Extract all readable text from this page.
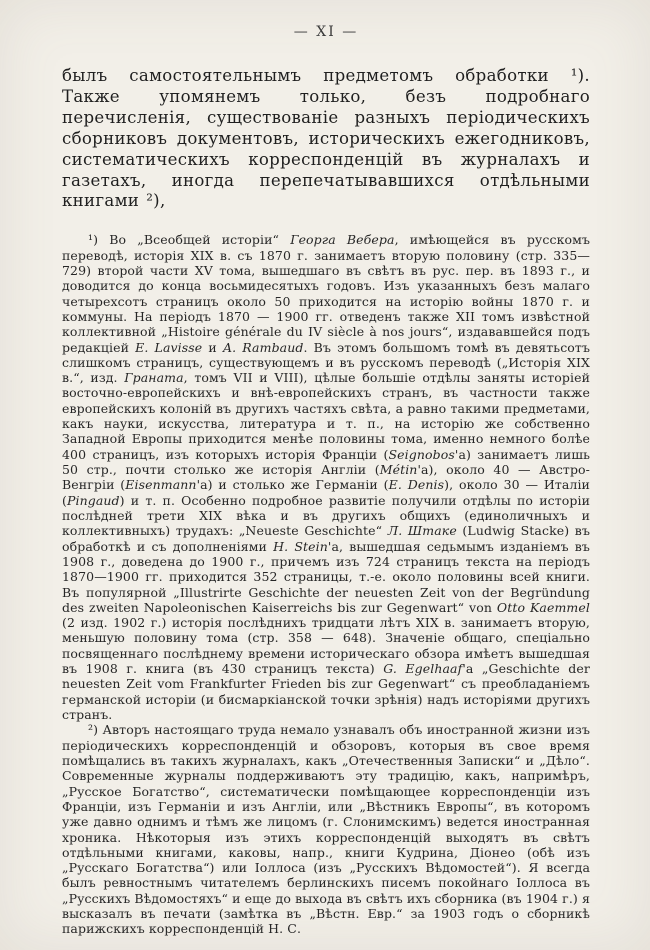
— XI —

былъ самостоятельнымъ предметомъ обработки ¹). Также упомянемъ только, безъ подробнаго перечисленія, существованіе разныхъ періодическихъ сборниковъ документовъ, историческихъ ежегодниковъ, систематическихъ корреспонденцій въ журналахъ и газетахъ, иногда перепечатывавшихся отдѣльными книгами ²),

¹) Во „Всеобщей исторіи“ Георга Вебера, имѣющейся въ русскомъ переводѣ, исторія XIX в. съ 1870 г. занимаетъ вторую половину (стр. 335—729) второй части XV тома, вышедшаго въ свѣтъ въ рус. пер. въ 1893 г., и доводится до конца восьмидесятыхъ годовъ. Изъ указанныхъ безъ малаго четырехсотъ страницъ около 50 приходится на исторію войны 1870 г. и коммуны. На періодъ 1870 — 1900 гг. отведенъ также XII томъ извѣстной коллективной „Histoire générale du IV siècle à nos jours“, издававшейся подъ редакціей E. Lavisse и A. Rambaud. Въ этомъ большомъ томѣ въ девятьсотъ слишкомъ страницъ, существующемъ и въ русскомъ переводѣ („Исторія XIX в.“, изд. Граната, томъ VII и VIII), цѣлые большіе отдѣлы заняты исторіей восточно-европейскихъ и внѣ-европейскихъ странъ, въ частности также европейскихъ колоній въ другихъ частяхъ свѣта, а равно такими предметами, какъ науки, искусства, литература и т. п., на исторію же собственно Западной Европы приходится менѣе половины тома, именно немного болѣе 400 страницъ, изъ которыхъ исторія Франціи (Seignobos'а) занимаетъ лишь 50 стр., почти столько же исторія Англіи (Métin'а), около 40 — Австро-Венгріи (Eisenmann'а) и столько же Германіи (E. Denis), около 30 — Италіи (Pingaud) и т. п. Особенно подробное развитіе получили отдѣлы по исторіи послѣдней трети XIX вѣка и въ другихъ общихъ (единоличныхъ и коллективныхъ) трудахъ: „Neueste Geschichte“ Л. Штаке (Ludwig Stacke) въ обработкѣ и съ дополненіями H. Stein'а, вышедшая седьмымъ изданіемъ въ 1908 г., доведена до 1900 г., причемъ изъ 724 страницъ текста на періодъ 1870—1900 гг. приходится 352 страницы, т.-е. около половины всей книги. Въ популярной „Illustrirte Geschichte der neuesten Zeit von der Begründung des zweiten Napoleonischen Kaiserreichs bis zur Gegenwart“ von Otto Kaemmel (2 изд. 1902 г.) исторія послѣднихъ тридцати лѣтъ XIX в. занимаетъ вторую, меньшую половину тома (стр. 358 — 648). Значеніе общаго, спеціально посвященнаго послѣднему времени историческаго обзора имѣетъ вышедшая въ 1908 г. книга (въ 430 страницъ текста) G. Egelhaaf'а „Geschichte der neuesten Zeit vom Frankfurter Frieden bis zur Gegenwart“ съ преобладаніемъ германской исторіи (и бисмаркіанской точки зрѣнія) надъ исторіями другихъ странъ.

²) Авторъ настоящаго труда немало узнавалъ объ иностранной жизни изъ періодическихъ корреспонденцій и обзоровъ, которыя въ свое время помѣщались въ такихъ журналахъ, какъ „Отечественныя Записки“ и „Дѣло“. Современные журналы поддерживаютъ эту традицію, какъ, напримѣръ, „Русское Богатство“, систематически помѣщающее корреспонденціи изъ Франціи, изъ Германіи и изъ Англіи, или „Вѣстникъ Европы“, въ которомъ уже давно однимъ и тѣмъ же лицомъ (г. Слонимскимъ) ведется иностранная хроника. Нѣкоторыя изъ этихъ корреспонденцій выходятъ въ свѣтъ отдѣльными книгами, каковы, напр., книги Кудрина, Діонео (обѣ изъ „Русскаго Богатства“) или Іоллоса (изъ „Русскихъ Вѣдомостей“). Я всегда былъ ревностнымъ читателемъ берлинскихъ писемъ покойнаго Іоллоса въ „Русскихъ Вѣдомостяхъ“ и еще до выхода въ свѣтъ ихъ сборника (въ 1904 г.) я высказалъ въ печати (замѣтка въ „Вѣстн. Евр.“ за 1903 годъ о сборникѣ парижскихъ корреспонденцій Н. С.
